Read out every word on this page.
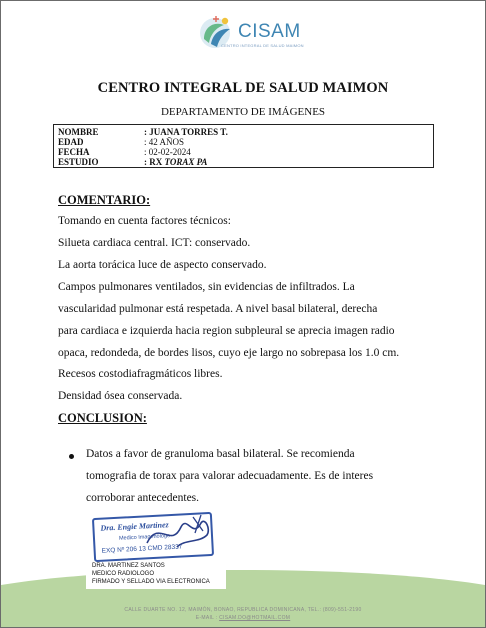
CISAM
CENTRO INTEGRAL DE SALUD MAIMON
CENTRO INTEGRAL DE SALUD MAIMON
DEPARTAMENTO DE IMÁGENES
NOMBRE	: JUANA TORRES T.
EDAD	: 42 AÑOS
FECHA	: 02-02-2024
ESTUDIO	: RX TORAX PA
COMENTARIO:
Tomando en cuenta factores técnicos:
Silueta cardiaca central. ICT: conservado.
La aorta torácica luce de aspecto conservado.
Campos pulmonares ventilados, sin evidencias de infiltrados. La
vascularidad pulmonar está respetada. A nivel basal bilateral, derecha
para cardiaca e izquierda hacia region subpleural se aprecia imagen radio
opaca, redondeda, de bordes lisos, cuyo eje largo no sobrepasa los 1.0 cm.
Recesos costodiafragmáticos libres.
Densidad ósea conservada.
CONCLUSION:
Datos a favor de granuloma basal bilateral. Se recomienda
tomografia de torax para valorar adecuadamente. Es de interes
corroborar antecedentes.
Dra. Engie Martinez
Medico Imagenólogo
EXQ Nº 206 13 CMD 28337
DRA. MARTINEZ SANTOS
MEDICO RADIOLOGO
FIRMADO Y SELLADO VIA ELECTRONICA
CALLE DUARTE NO. 12, MAIMÓN, BONAO, REPUBLICA DOMINICANA, TEL.: (809)-551-2190
E-MAIL : CISAM.DO@HOTMAIL.COM
